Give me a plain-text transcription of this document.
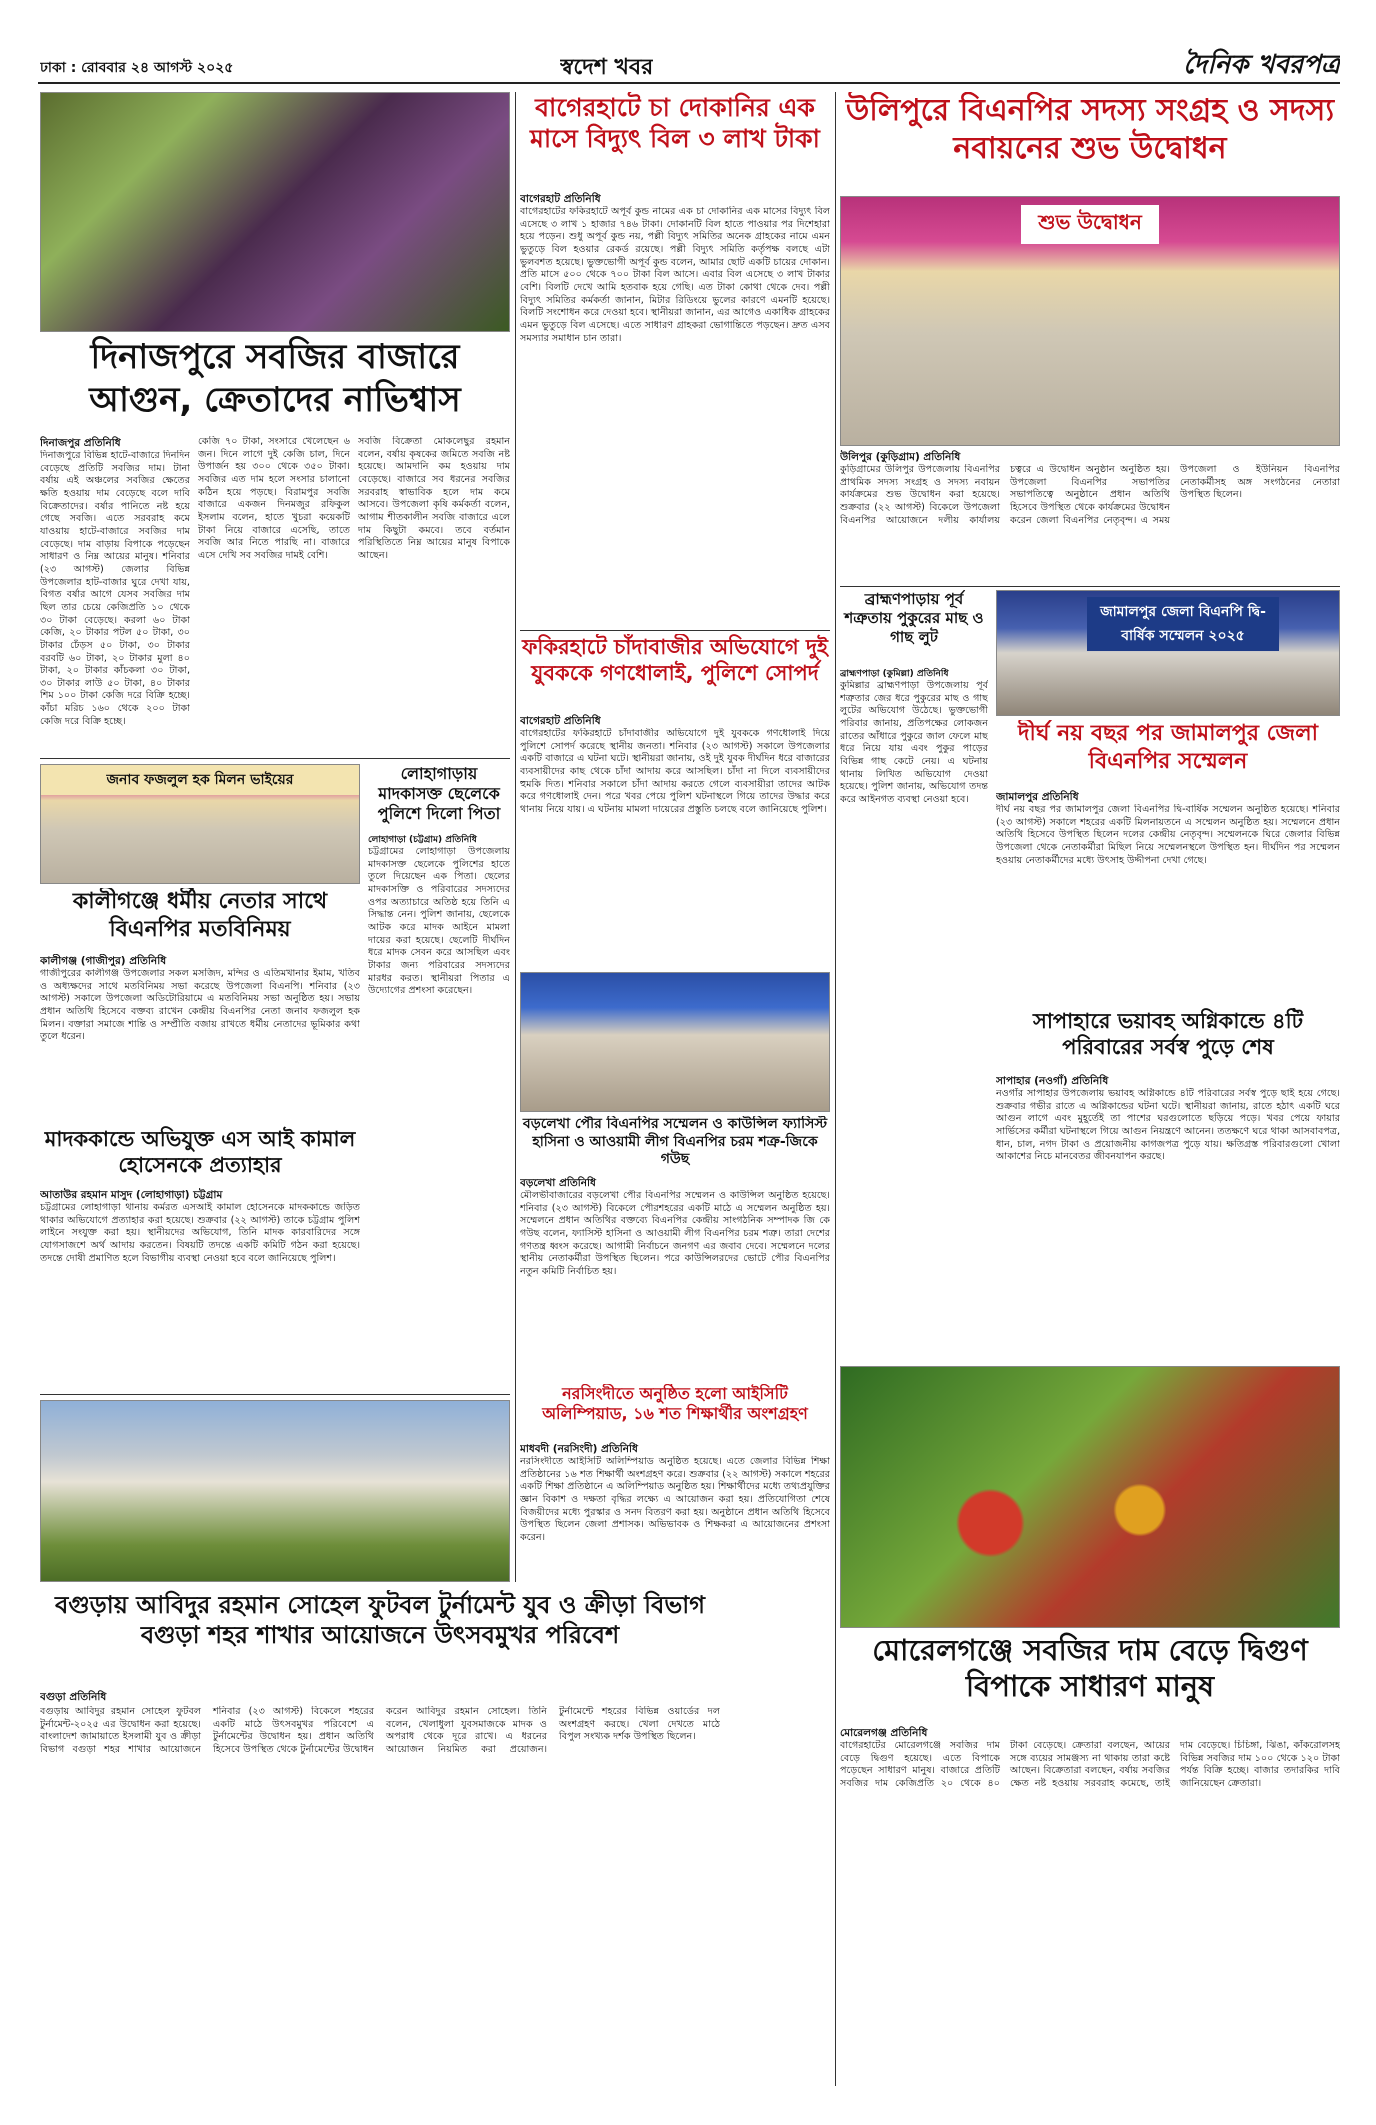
ঢাকা : রোববার ২৪ আগস্ট ২০২৫	স্বদেশ খবর	দৈনিক খবরপত্র
দিনাজপুরে সবজির বাজারে আগুন, ক্রেতাদের নাভিশ্বাস
দিনাজপুর প্রতিনিধি
দিনাজপুরে বিভিন্ন হাটে-বাজারে দিনদিন বেড়েছে প্রতিটি সবজির দাম। টানা বর্ষায় এই অঞ্চলের সবজির ক্ষেতের ক্ষতি হওয়ায় দাম বেড়েছে বলে দাবি বিক্রেতাদের। বর্ষার পানিতে নষ্ট হয়ে গেছে সবজি। এতে সরবরাহ কমে যাওয়ায় হাটে-বাজারে সবজির দাম বেড়েছে। দাম বাড়ায় বিপাকে পড়েছেন সাধারণ ও নিম্ন আয়ের মানুষ। শনিবার (২৩ আগস্ট) জেলার বিভিন্ন উপজেলার হাট-বাজার ঘুরে দেখা যায়, বিগত বর্ষার আগে যেসব সবজির দাম ছিল তার চেয়ে কেজিপ্রতি ১০ থেকে ৩০ টাকা বেড়েছে। করলা ৬০ টাকা কেজি, ২০ টাকার পটল ৫০ টাকা, ৩০ টাকার ঢেঁড়স ৫০ টাকা, ৩০ টাকার বরবটি ৬০ টাকা, ২০ টাকার মুলা ৪০ টাকা, ২০ টাকার কাঁচকলা ৩০ টাকা, ৩০ টাকার লাউ ৫০ টাকা, ৪০ টাকার শিম ১০০ টাকা কেজি দরে বিক্রি হচ্ছে। কাঁচা মরিচ ১৬০ থেকে ২০০ টাকা কেজি দরে বিক্রি হচ্ছে।
কেজি ৭০ টাকা, সংসারে খেলেছেন ৬ জন। দিনে লাগে দুই কেজি চাল, দিনে উপার্জন হয় ৩০০ থেকে ৩৫০ টাকা। সবজির এত দাম হলে সংসার চালানো কঠিন হয়ে পড়ছে। বিরামপুর সবজি বাজারে একজন দিনমজুর রফিকুল ইসলাম বলেন, হাতে খুচরা কয়েকটি টাকা নিয়ে বাজারে এসেছি, তাতে সবজি আর নিতে পারছি না। বাজারে এসে দেখি সব সবজির দামই বেশি।
সবজি বিক্রেতা মোকলেছুর রহমান বলেন, বর্ষায় কৃষকের জমিতে সবজি নষ্ট হয়েছে। আমদানি কম হওয়ায় দাম বেড়েছে। বাজারে সব ধরনের সবজির সরবরাহ স্বাভাবিক হলে দাম কমে আসবে। উপজেলা কৃষি কর্মকর্তা বলেন, আগাম শীতকালীন সবজি বাজারে এলে দাম কিছুটা কমবে। তবে বর্তমান পরিস্থিতিতে নিম্ন আয়ের মানুষ বিপাকে আছেন।
জনাব ফজলুল হক মিলন ভাইয়ের
কালীগঞ্জে ধর্মীয় নেতার সাথে বিএনপির মতবিনিময়
কালীগঞ্জ (গাজীপুর) প্রতিনিধি
গাজীপুরের কালীগঞ্জ উপজেলার সকল মসজিদ, মন্দির ও এতিমখানার ইমাম, খতিব ও অধ্যক্ষদের সাথে মতবিনিময় সভা করেছে উপজেলা বিএনপি। শনিবার (২৩ আগস্ট) সকালে উপজেলা অডিটোরিয়ামে এ মতবিনিময় সভা অনুষ্ঠিত হয়। সভায় প্রধান অতিথি হিসেবে বক্তব্য রাখেন কেন্দ্রীয় বিএনপির নেতা জনাব ফজলুল হক মিলন। বক্তারা সমাজে শান্তি ও সম্প্রীতি বজায় রাখতে ধর্মীয় নেতাদের ভূমিকার কথা তুলে ধরেন।
লোহাগাড়ায় মাদকাসক্ত ছেলেকে পুলিশে দিলো পিতা
লোহাগাড়া (চট্টগ্রাম) প্রতিনিধি
চট্টগ্রামের লোহাগাড়া উপজেলায় মাদকাসক্ত ছেলেকে পুলিশের হাতে তুলে দিয়েছেন এক পিতা। ছেলের মাদকাসক্তি ও পরিবারের সদস্যদের ওপর অত্যাচারে অতিষ্ঠ হয়ে তিনি এ সিদ্ধান্ত নেন। পুলিশ জানায়, ছেলেকে আটক করে মাদক আইনে মামলা দায়ের করা হয়েছে। ছেলেটি দীর্ঘদিন ধরে মাদক সেবন করে আসছিল এবং টাকার জন্য পরিবারের সদস্যদের মারধর করত। স্থানীয়রা পিতার এ উদ্যোগের প্রশংসা করেছেন।
মাদককান্ডে অভিযুক্ত এস আই কামাল হোসেনকে প্রত্যাহার
আতাউর রহমান মাসুদ (লোহাগাড়া) চট্টগ্রাম
চট্টগ্রামের লোহাগাড়া থানায় কর্মরত এসআই কামাল হোসেনকে মাদককান্ডে জড়িত থাকার অভিযোগে প্রত্যাহার করা হয়েছে। শুক্রবার (২২ আগস্ট) তাকে চট্টগ্রাম পুলিশ লাইনে সংযুক্ত করা হয়। স্থানীয়দের অভিযোগ, তিনি মাদক কারবারিদের সঙ্গে যোগসাজশে অর্থ আদায় করতেন। বিষয়টি তদন্তে একটি কমিটি গঠন করা হয়েছে। তদন্তে দোষী প্রমাণিত হলে বিভাগীয় ব্যবস্থা নেওয়া হবে বলে জানিয়েছে পুলিশ।
বগুড়ায় আবিদুর রহমান সোহেল ফুটবল টুর্নামেন্ট যুব ও ক্রীড়া বিভাগ বগুড়া শহর শাখার আয়োজনে উৎসবমুখর পরিবেশ
বগুড়া প্রতিনিধি
বগুড়ায় আবিদুর রহমান সোহেল ফুটবল টুর্নামেন্ট-২০২৫ এর উদ্বোধন করা হয়েছে। বাংলাদেশ জামায়াতে ইসলামী যুব ও ক্রীড়া বিভাগ বগুড়া শহর শাখার আয়োজনে শনিবার (২৩ আগস্ট) বিকেলে শহরের একটি মাঠে উৎসবমুখর পরিবেশে এ টুর্নামেন্টের উদ্বোধন হয়। প্রধান অতিথি হিসেবে উপস্থিত থেকে টুর্নামেন্টের উদ্বোধন করেন আবিদুর রহমান সোহেল। তিনি বলেন, খেলাধুলা যুবসমাজকে মাদক ও অপরাধ থেকে দূরে রাখে। এ ধরনের আয়োজন নিয়মিত করা প্রয়োজন। টুর্নামেন্টে শহরের বিভিন্ন ওয়ার্ডের দল অংশগ্রহণ করছে। খেলা দেখতে মাঠে বিপুল সংখ্যক দর্শক উপস্থিত ছিলেন।
বাগেরহাটে চা দোকানির এক মাসে বিদ্যুৎ বিল ৩ লাখ টাকা
বাগেরহাট প্রতিনিধি
বাগেরহাটের ফকিরহাটে অপূর্ব কুন্ড নামের এক চা দোকানির এক মাসের বিদ্যুৎ বিল এসেছে ৩ লাখ ১ হাজার ৭৪৬ টাকা। দোকানটি বিল হাতে পাওয়ার পর দিশেহারা হয়ে পড়েন। শুধু অপূর্ব কুন্ড নয়, পল্লী বিদ্যুৎ সমিতির অনেক গ্রাহকের নামে এমন ভুতুড়ে বিল হওয়ার রেকর্ড রয়েছে। পল্লী বিদ্যুৎ সমিতি কর্তৃপক্ষ বলছে এটা ভুলবশত হয়েছে। ভুক্তভোগী অপূর্ব কুন্ড বলেন, আমার ছোট একটি চায়ের দোকান। প্রতি মাসে ৫০০ থেকে ৭০০ টাকা বিল আসে। এবার বিল এসেছে ৩ লাখ টাকার বেশি। বিলটি দেখে আমি হতবাক হয়ে গেছি। এত টাকা কোথা থেকে দেব। পল্লী বিদ্যুৎ সমিতির কর্মকর্তা জানান, মিটার রিডিংয়ে ভুলের কারণে এমনটি হয়েছে। বিলটি সংশোধন করে দেওয়া হবে। স্থানীয়রা জানান, এর আগেও একাধিক গ্রাহকের এমন ভুতুড়ে বিল এসেছে। এতে সাধারণ গ্রাহকরা ভোগান্তিতে পড়ছেন। দ্রুত এসব সমস্যার সমাধান চান তারা।
ফকিরহাটে চাঁদাবাজীর অভিযোগে দুই যুবককে গণধোলাই, পুলিশে সোপর্দ
বাগেরহাট প্রতিনিধি
বাগেরহাটের ফকিরহাটে চাঁদাবাজীর অভিযোগে দুই যুবককে গণধোলাই দিয়ে পুলিশে সোপর্দ করেছে স্থানীয় জনতা। শনিবার (২৩ আগস্ট) সকালে উপজেলার একটি বাজারে এ ঘটনা ঘটে। স্থানীয়রা জানায়, ওই দুই যুবক দীর্ঘদিন ধরে বাজারের ব্যবসায়ীদের কাছ থেকে চাঁদা আদায় করে আসছিল। চাঁদা না দিলে ব্যবসায়ীদের হুমকি দিত। শনিবার সকালে চাঁদা আদায় করতে গেলে ব্যবসায়ীরা তাদের আটক করে গণধোলাই দেন। পরে খবর পেয়ে পুলিশ ঘটনাস্থলে গিয়ে তাদের উদ্ধার করে থানায় নিয়ে যায়। এ ঘটনায় মামলা দায়েরের প্রস্তুতি চলছে বলে জানিয়েছে পুলিশ।
বড়লেখা পৌর বিএনপির সম্মেলন ও কাউন্সিল ফ্যাসিস্ট হাসিনা ও আওয়ামী লীগ বিএনপির চরম শত্রু-জিকে গউছ
বড়লেখা প্রতিনিধি
মৌলভীবাজারের বড়লেখা পৌর বিএনপির সম্মেলন ও কাউন্সিল অনুষ্ঠিত হয়েছে। শনিবার (২৩ আগস্ট) বিকেলে পৌরশহরের একটি মাঠে এ সম্মেলন অনুষ্ঠিত হয়। সম্মেলনে প্রধান অতিথির বক্তব্যে বিএনপির কেন্দ্রীয় সাংগঠনিক সম্পাদক জি কে গউছ বলেন, ফ্যাসিস্ট হাসিনা ও আওয়ামী লীগ বিএনপির চরম শত্রু। তারা দেশের গণতন্ত্র ধ্বংস করেছে। আগামী নির্বাচনে জনগণ এর জবাব দেবে। সম্মেলনে দলের স্থানীয় নেতাকর্মীরা উপস্থিত ছিলেন। পরে কাউন্সিলরদের ভোটে পৌর বিএনপির নতুন কমিটি নির্বাচিত হয়।
নরসিংদীতে অনুষ্ঠিত হলো আইসিটি অলিম্পিয়াড, ১৬ শত শিক্ষার্থীর অংশগ্রহণ
মাধবদী (নরসিংদী) প্রতিনিধি
নরসিংদীতে আইসিটি অলিম্পিয়াড অনুষ্ঠিত হয়েছে। এতে জেলার বিভিন্ন শিক্ষা প্রতিষ্ঠানের ১৬ শত শিক্ষার্থী অংশগ্রহণ করে। শুক্রবার (২২ আগস্ট) সকালে শহরের একটি শিক্ষা প্রতিষ্ঠানে এ অলিম্পিয়াড অনুষ্ঠিত হয়। শিক্ষার্থীদের মধ্যে তথ্যপ্রযুক্তির জ্ঞান বিকাশ ও দক্ষতা বৃদ্ধির লক্ষ্যে এ আয়োজন করা হয়। প্রতিযোগিতা শেষে বিজয়ীদের মধ্যে পুরস্কার ও সনদ বিতরণ করা হয়। অনুষ্ঠানে প্রধান অতিথি হিসেবে উপস্থিত ছিলেন জেলা প্রশাসক। অভিভাবক ও শিক্ষকরা এ আয়োজনের প্রশংসা করেন।
উলিপুরে বিএনপির সদস্য সংগ্রহ ও সদস্য নবায়নের শুভ উদ্বোধন
শুভ উদ্বোধন
উলিপুর (কুড়িগ্রাম) প্রতিনিধি
কুড়িগ্রামের উলিপুর উপজেলায় বিএনপির প্রাথমিক সদস্য সংগ্রহ ও সদস্য নবায়ন কার্যক্রমের শুভ উদ্বোধন করা হয়েছে। শুক্রবার (২২ আগস্ট) বিকেলে উপজেলা বিএনপির আয়োজনে দলীয় কার্যালয় চত্বরে এ উদ্বোধন অনুষ্ঠান অনুষ্ঠিত হয়। উপজেলা বিএনপির সভাপতির সভাপতিত্বে অনুষ্ঠানে প্রধান অতিথি হিসেবে উপস্থিত থেকে কার্যক্রমের উদ্বোধন করেন জেলা বিএনপির নেতৃবৃন্দ। এ সময় উপজেলা ও ইউনিয়ন বিএনপির নেতাকর্মীসহ অঙ্গ সংগঠনের নেতারা উপস্থিত ছিলেন।
ব্রাহ্মণপাড়ায় পূর্ব শত্রুতায় পুকুরের মাছ ও গাছ লুট
ব্রাহ্মণপাড়া (কুমিল্লা) প্রতিনিধি
কুমিল্লার ব্রাহ্মণপাড়া উপজেলায় পূর্ব শত্রুতার জের ধরে পুকুরের মাছ ও গাছ লুটের অভিযোগ উঠেছে। ভুক্তভোগী পরিবার জানায়, প্রতিপক্ষের লোকজন রাতের আঁধারে পুকুরে জাল ফেলে মাছ ধরে নিয়ে যায় এবং পুকুর পাড়ের বিভিন্ন গাছ কেটে নেয়। এ ঘটনায় থানায় লিখিত অভিযোগ দেওয়া হয়েছে। পুলিশ জানায়, অভিযোগ তদন্ত করে আইনগত ব্যবস্থা নেওয়া হবে।
জামালপুর জেলা বিএনপি দ্বি-বার্ষিক সম্মেলন ২০২৫
দীর্ঘ নয় বছর পর জামালপুর জেলা বিএনপির সম্মেলন
জামালপুর প্রতিনিধি
দীর্ঘ নয় বছর পর জামালপুর জেলা বিএনপির দ্বি-বার্ষিক সম্মেলন অনুষ্ঠিত হয়েছে। শনিবার (২৩ আগস্ট) সকালে শহরের একটি মিলনায়তনে এ সম্মেলন অনুষ্ঠিত হয়। সম্মেলনে প্রধান অতিথি হিসেবে উপস্থিত ছিলেন দলের কেন্দ্রীয় নেতৃবৃন্দ। সম্মেলনকে ঘিরে জেলার বিভিন্ন উপজেলা থেকে নেতাকর্মীরা মিছিল নিয়ে সম্মেলনস্থলে উপস্থিত হন। দীর্ঘদিন পর সম্মেলন হওয়ায় নেতাকর্মীদের মধ্যে উৎসাহ উদ্দীপনা দেখা গেছে।
সাপাহারে ভয়াবহ অগ্নিকান্ডে ৪টি পরিবারের সর্বস্ব পুড়ে শেষ
সাপাহার (নওগাঁ) প্রতিনিধি
নওগাঁর সাপাহার উপজেলায় ভয়াবহ অগ্নিকান্ডে ৪টি পরিবারের সর্বস্ব পুড়ে ছাই হয়ে গেছে। শুক্রবার গভীর রাতে এ অগ্নিকান্ডের ঘটনা ঘটে। স্থানীয়রা জানায়, রাতে হঠাৎ একটি ঘরে আগুন লাগে এবং মুহূর্তেই তা পাশের ঘরগুলোতে ছড়িয়ে পড়ে। খবর পেয়ে ফায়ার সার্ভিসের কর্মীরা ঘটনাস্থলে গিয়ে আগুন নিয়ন্ত্রণে আনেন। ততক্ষণে ঘরে থাকা আসবাবপত্র, ধান, চাল, নগদ টাকা ও প্রয়োজনীয় কাগজপত্র পুড়ে যায়। ক্ষতিগ্রস্ত পরিবারগুলো খোলা আকাশের নিচে মানবেতর জীবনযাপন করছে।
মোরেলগঞ্জে সবজির দাম বেড়ে দ্বিগুণ বিপাকে সাধারণ মানুষ
মোরেলগঞ্জ প্রতিনিধি
বাগেরহাটের মোরেলগঞ্জে সবজির দাম বেড়ে দ্বিগুণ হয়েছে। এতে বিপাকে পড়েছেন সাধারণ মানুষ। বাজারে প্রতিটি সবজির দাম কেজিপ্রতি ২০ থেকে ৪০ টাকা বেড়েছে। ক্রেতারা বলছেন, আয়ের সঙ্গে ব্যয়ের সামঞ্জস্য না থাকায় তারা কষ্টে আছেন। বিক্রেতারা বলছেন, বর্ষায় সবজির ক্ষেত নষ্ট হওয়ায় সরবরাহ কমেছে, তাই দাম বেড়েছে। চিচিঙ্গা, ঝিঙা, কাঁকরোলসহ বিভিন্ন সবজির দাম ১০০ থেকে ১২০ টাকা পর্যন্ত বিক্রি হচ্ছে। বাজার তদারকির দাবি জানিয়েছেন ক্রেতারা।
